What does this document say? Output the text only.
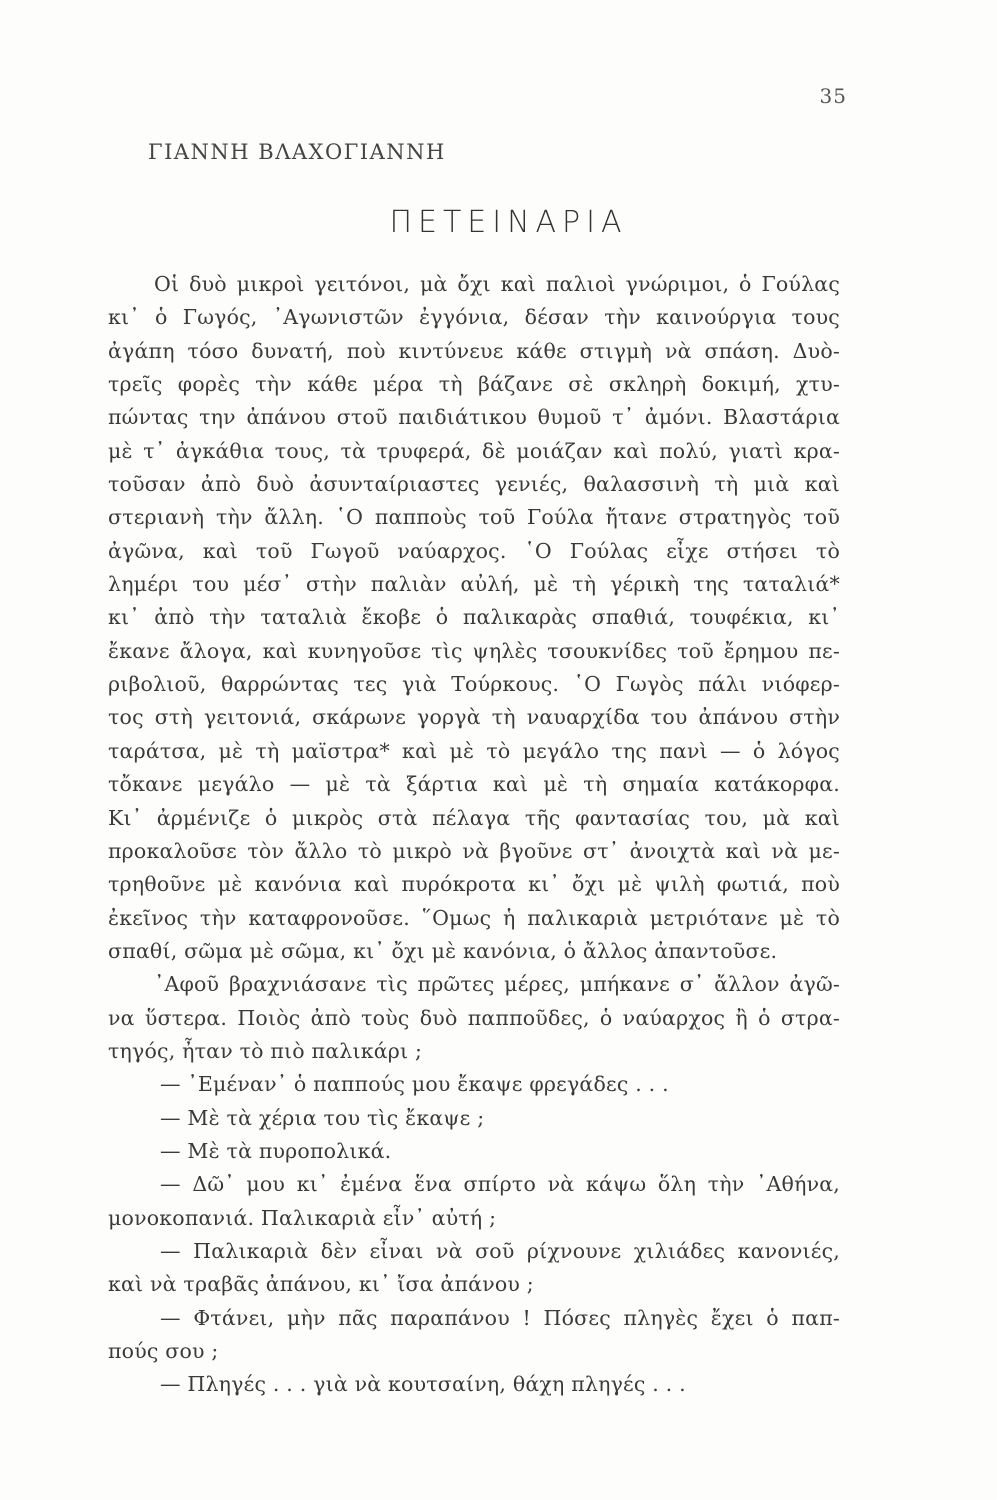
35
ΓΙΑΝΝΗ ΒΛΑΧΟΓΙΑΝΝΗ
ΠΕΤΕΙΝΑΡΙΑ
Οἱ δυὸ μικροὶ γειτόνοι, μὰ ὄχι καὶ παλιοὶ γνώριμοι, ὁ Γούλας
κι᾽ ὁ Γωγός, ᾽Αγωνιστῶν ἐγγόνια, δέσαν τὴν καινούργια τους
ἀγάπη τόσο δυνατή, ποὺ κιντύνευε κάθε στιγμὴ νὰ σπάση. Δυὸ-
τρεῖς φορὲς τὴν κάθε μέρα τὴ βάζανε σὲ σκληρὴ δοκιμή, χτυ-
πώντας την ἀπάνου στοῦ παιδιάτικου θυμοῦ τ᾽ ἀμόνι. Βλαστάρια
μὲ τ᾽ ἀγκάθια τους, τὰ τρυφερά, δὲ μοιάζαν καὶ πολύ, γιατὶ κρα-
τοῦσαν ἀπὸ δυὸ ἀσυνταίριαστες γενιές, θαλασσινὴ τὴ μιὰ καὶ
στεριανὴ τὴν ἄλλη. ῾Ο παπποὺς τοῦ Γούλα ἤτανε στρατηγὸς τοῦ
ἀγῶνα, καὶ τοῦ Γωγοῦ ναύαρχος. ῾Ο Γούλας εἶχε στήσει τὸ
λημέρι του μέσ᾽ στὴν παλιὰν αὐλή, μὲ τὴ γέρικὴ της ταταλιά*
κι᾽ ἀπὸ τὴν ταταλιὰ ἔκοβε ὁ παλικαρὰς σπαθιά, τουφέκια, κι᾽
ἔκανε ἄλογα, καὶ κυνηγοῦσε τὶς ψηλὲς τσουκνίδες τοῦ ἔρημου πε-
ριβολιοῦ, θαρρώντας τες γιὰ Τούρκους. ῾Ο Γωγὸς πάλι νιόφερ-
τος στὴ γειτονιά, σκάρωνε γοργὰ τὴ ναυαρχίδα του ἀπάνου στὴν
ταράτσα, μὲ τὴ μαϊστρα* καὶ μὲ τὸ μεγάλο της πανὶ — ὁ λόγος
τὄκανε μεγάλο — μὲ τὰ ξάρτια καὶ μὲ τὴ σημαία κατάκορφα.
Κι᾽ ἀρμένιζε ὁ μικρὸς στὰ πέλαγα τῆς φαντασίας του, μὰ καὶ
προκαλοῦσε τὸν ἄλλο τὸ μικρὸ νὰ βγοῦνε στ᾽ ἀνοιχτὰ καὶ νὰ με-
τρηθοῦνε μὲ κανόνια καὶ πυρόκροτα κι᾽ ὄχι μὲ ψιλὴ φωτιά, ποὺ
ἐκεῖνος τὴν καταφρονοῦσε. ῞Ομως ἡ παλικαριὰ μετριότανε μὲ τὸ
σπαθί, σῶμα μὲ σῶμα, κι᾽ ὄχι μὲ κανόνια, ὁ ἄλλος ἀπαντοῦσε.
᾽Αφοῦ βραχνιάσανε τὶς πρῶτες μέρες, μπήκανε σ᾽ ἄλλον ἀγῶ-
να ὕστερα. Ποιὸς ἀπὸ τοὺς δυὸ παπποῦδες, ὁ ναύαρχος ἢ ὁ στρα-
τηγός, ἦταν τὸ πιὸ παλικάρι ;
— ᾽Εμέναν᾽ ὁ παππούς μου ἔκαψε φρεγάδες . . .
— Μὲ τὰ χέρια του τὶς ἔκαψε ;
— Μὲ τὰ πυροπολικά.
— Δῶ᾽ μου κι᾽ ἐμένα ἕνα σπίρτο νὰ κάψω ὅλη τὴν ᾽Αθήνα,
μονοκοπανιά. Παλικαριὰ εἶν᾽ αὐτή ;
— Παλικαριὰ δὲν εἶναι νὰ σοῦ ρίχνουνε χιλιάδες κανονιές,
καὶ νὰ τραβᾶς ἀπάνου, κι᾽ ἴσα ἀπάνου ;
— Φτάνει, μὴν πᾶς παραπάνου ! Πόσες πληγὲς ἔχει ὁ παπ-
πούς σου ;
— Πληγές . . . γιὰ νὰ κουτσαίνη, θάχη πληγές . . .
